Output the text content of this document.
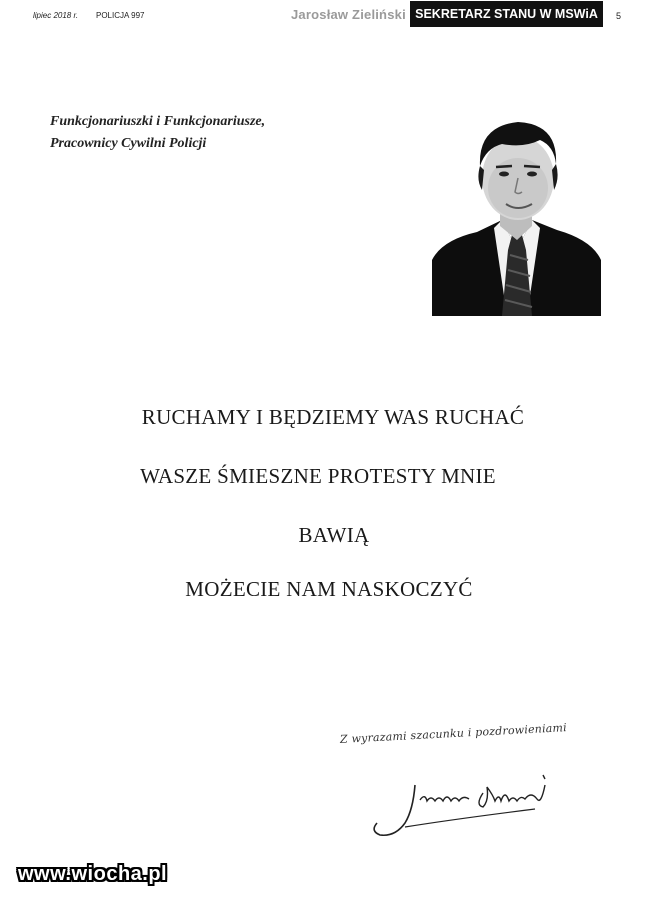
lipiec 2018 r. POLICJA 997	Jarosław Zieliński SEKRETARZ STANU W MSWiA	5
Funkcjonariuszki i Funkcjonariusze,
Pracownicy Cywilni Policji
RUCHAMY I BĘDZIEMY WAS RUCHAĆ
WASZE ŚMIESZNE PROTESTY MNIE
BAWIĄ
MOŻECIE NAM NASKOCZYĆ
Z wyrazami szacunku i pozdrowieniami
www.wiocha.pl
